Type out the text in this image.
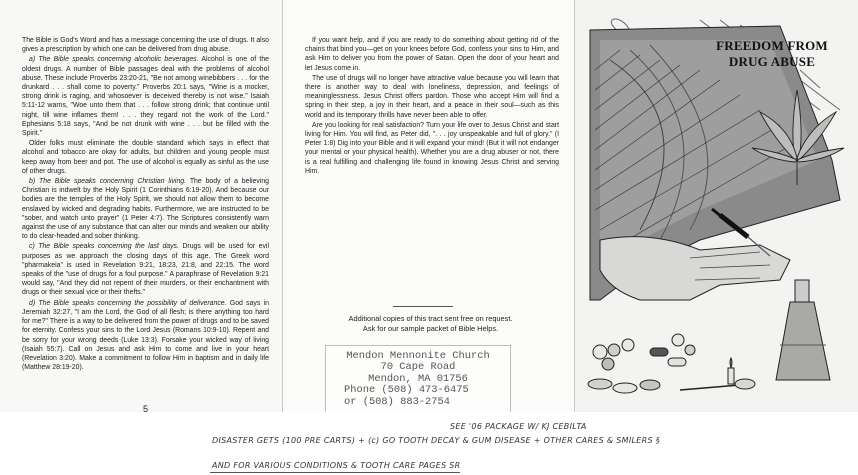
The Bible is God's Word and has a message concerning the use of drugs. It also gives a prescription by which one can be delivered from drug abuse.

a) The Bible speaks concerning alcoholic beverages. Alcohol is one of the oldest drugs. A number of Bible passages deal with the problems of alcohol abuse. These include Proverbs 23:20-21, "Be not among winebibbers . . . for the drunkard . . . shall come to poverty." Proverbs 20:1 says, "Wine is a mocker, strong drink is raging, and whosoever is deceived thereby is not wise." Isaiah 5:11-12 warns, "Woe unto them that . . . follow strong drink; that continue until night, till wine inflames them! . . . they regard not the work of the Lord." Ephesians 5:18 says, "And be not drunk with wine . . . but be filled with the Spirit."

Older folks must eliminate the double standard which says in effect that alcohol and tobacco are okay for adults, but children and young people must keep away from beer and pot. The use of alcohol is equally as sinful as the use of other drugs.

b) The Bible speaks concerning Christian living. The body of a believing Christian is indwelt by the Holy Spirit (1 Corinthians 6:19-20). And because our bodies are the temples of the Holy Spirit, we should not allow them to become enslaved by wicked and degrading habits. Furthermore, we are instructed to be "sober, and watch unto prayer" (1 Peter 4:7). The Scriptures consistently warn against the use of any substance that can alter our minds and weaken our ability to do clear-headed and sober thinking.

c) The Bible speaks concerning the last days. Drugs will be used for evil purposes as we approach the closing days of this age. The Greek word "pharmakeia" is used in Revelation 9:21, 18:23, 21:8, and 22:15. The word speaks of the "use of drugs for a foul purpose." A paraphrase of Revelation 9:21 would say, "And they did not repent of their murders, or their enchantment with drugs or their sexual vice or their thefts."

d) The Bible speaks concerning the possibility of deliverance. God says in Jeremiah 32:27, "I am the Lord, the God of all flesh; is there anything too hard for me?" There is a way to be delivered from the power of drugs and to be saved for eternity. Confess your sins to the Lord Jesus (Romans 10:9-10). Repent and be sorry for your wrong deeds (Luke 13:3). Forsake your wicked way of living (Isaiah 55:7). Call on Jesus and ask Him to come and live in your heart (Revelation 3:20). Make a commitment to follow Him in baptism and in daily life (Matthew 28:19-20).

5

If you want help, and if you are ready to do something about getting rid of the chains that bind you—get on your knees before God, confess your sins to Him, and ask Him to deliver you from the power of Satan. Open the door of your heart and let Jesus come in.

The use of drugs will no longer have attractive value because you will learn that there is another way to deal with loneliness, depression, and feelings of meaninglessness. Jesus Christ offers pardon. Those who accept Him will find a spring in their step, a joy in their heart, and a peace in their soul—such as this world and its temporary thrills have never been able to offer.

Are you looking for real satisfaction? Turn your life over to Jesus Christ and start living for Him. You will find, as Peter did, ". . . joy unspeakable and full of glory." (I Peter 1:8) Dig into your Bible and it will expand your mind! (But it will not endanger your mental or your physical health). Whether you are a drug abuser or not, there is a real fulfilling and challenging life found in knowing Jesus Christ and serving Him.

Additional copies of this tract sent free on request.
Ask for our sample packet of Bible Helps.
Mendon Mennonite Church
70 Cape Road
Mendon, MA 01756
Phone (508) 473-6475
or (508) 883-2754
FREEDOM FROM
DRUG ABUSE
SEE '06 PACKAGE W/ KJ CEBILTA
DISASTER GETS (100 PRE CARTS) + (c) GO TOOTH DECAY & GUM DISEASE + OTHER CARES & SMILERS §
AND FOR VARIOUS CONDITIONS & TOOTH CARE PAGES SR
